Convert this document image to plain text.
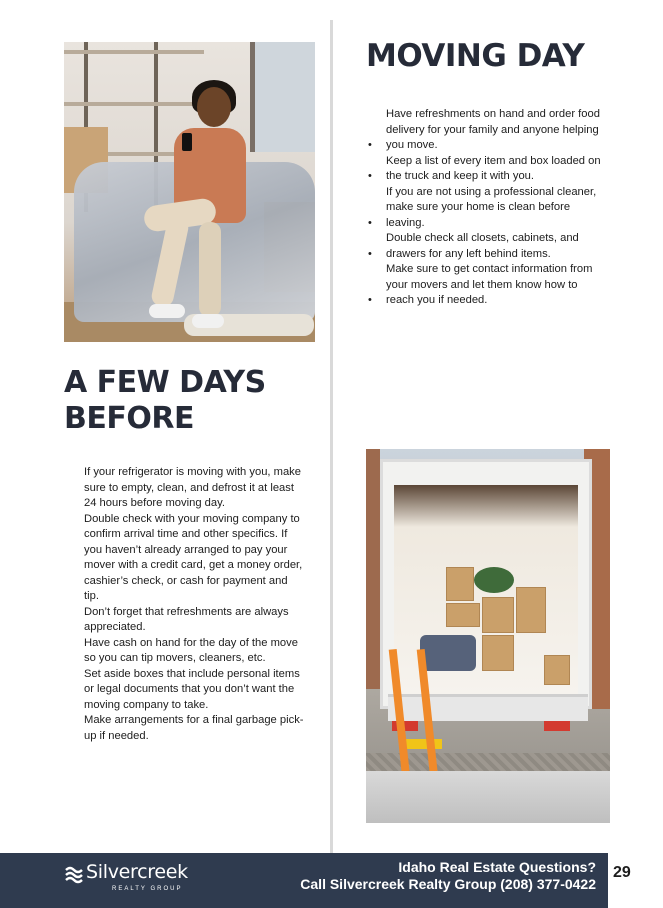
MOVING DAY
•
Have refreshments on hand and order food delivery for your family and anyone helping you move.
•
Keep a list of every item and box loaded on the truck and keep it with you.
•
If you are not using a professional cleaner, make sure your home is clean before leaving.
•
Double check all closets, cabinets, and drawers for any left behind items.
•
Make sure to get contact information from your movers and let them know how to reach you if needed.
A FEW DAYS BEFORE

If your refrigerator is moving with you, make sure to empty, clean, and defrost it at least 24 hours before moving day.

Double check with your moving company to confirm arrival time and other specifics. If you haven’t already arranged to pay your mover with a credit card, get a money order, cashier’s check, or cash for payment and tip.

Don’t forget that refreshments are always appreciated.

Have cash on hand for the day of the move so you can tip movers, cleaners, etc.

Set aside boxes that include personal items or legal documents that you don’t want the moving company to take.

Make arrangements for a final garbage pick-up if needed.

Silvercreek
REALTY GROUP
Idaho Real Estate Questions?
Call Silvercreek Realty Group (208) 377-0422
29
